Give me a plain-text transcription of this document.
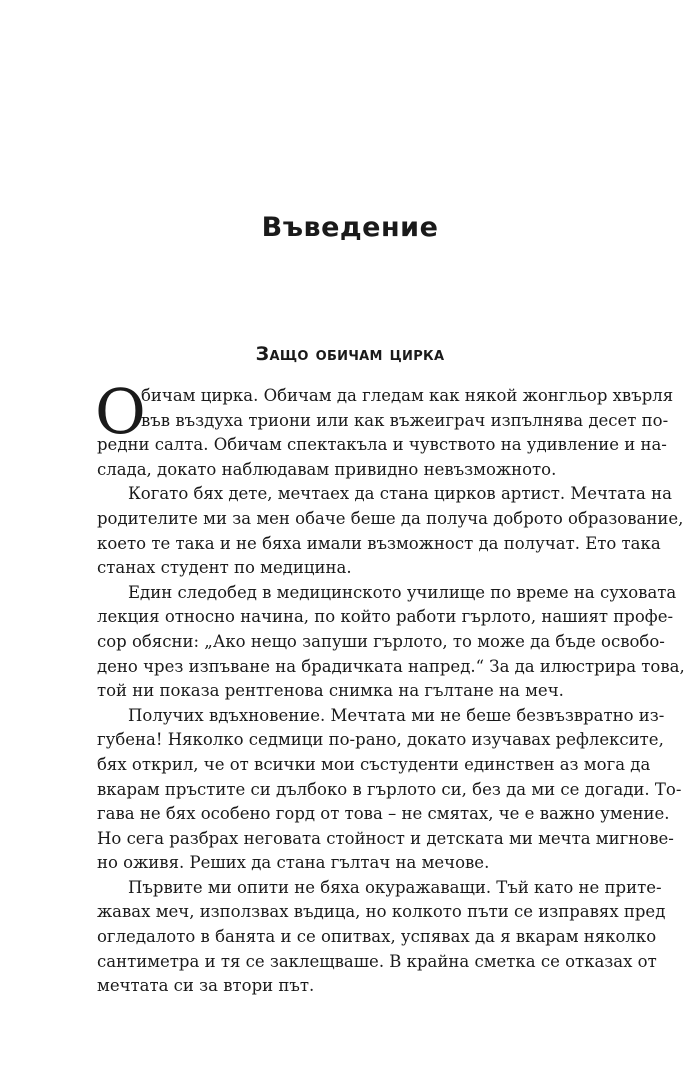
Въведение
Защо обичам цирка
О
бичам цирка. Обичам да гледам как някой жонгльор хвърля
във въздуха триони или как въжеиграч изпълнява десет по-
редни салта. Обичам спектакъла и чувството на удивление и на-
слада, докато наблюдавам привидно невъзможното.
Когато бях дете, мечтаех да стана цирков артист. Мечтата на
родителите ми за мен обаче беше да получа доброто образование,
което те така и не бяха имали възможност да получат. Ето така
станах студент по медицина.
Един следобед в медицинското училище по време на суховата
лекция относно начина, по който работи гърлото, нашият профе-
сор обясни: „Ако нещо запуши гърлото, то може да бъде освобо-
дено чрез изпъване на брадичката напред.“ За да илюстрира това,
той ни показа рентгенова снимка на гълтане на меч.
Получих вдъхновение. Мечтата ми не беше безвъзвратно из-
губена! Няколко седмици по-рано, докато изучавах рефлексите,
бях открил, че от всички мои състуденти единствен аз мога да
вкарам пръстите си дълбоко в гърлото си, без да ми се догади. То-
гава не бях особено горд от това – не смятах, че е важно умение.
Но сега разбрах неговата стойност и детската ми мечта мигнове-
но оживя. Реших да стана гълтач на мечове.
Първите ми опити не бяха окуражаващи. Тъй като не прите-
жавах меч, използвах въдица, но колкото пъти се изправях пред
огледалото в банята и се опитвах, успявах да я вкарам няколко
сантиметра и тя се заклещваше. В крайна сметка се отказах от
мечтата си за втори път.
